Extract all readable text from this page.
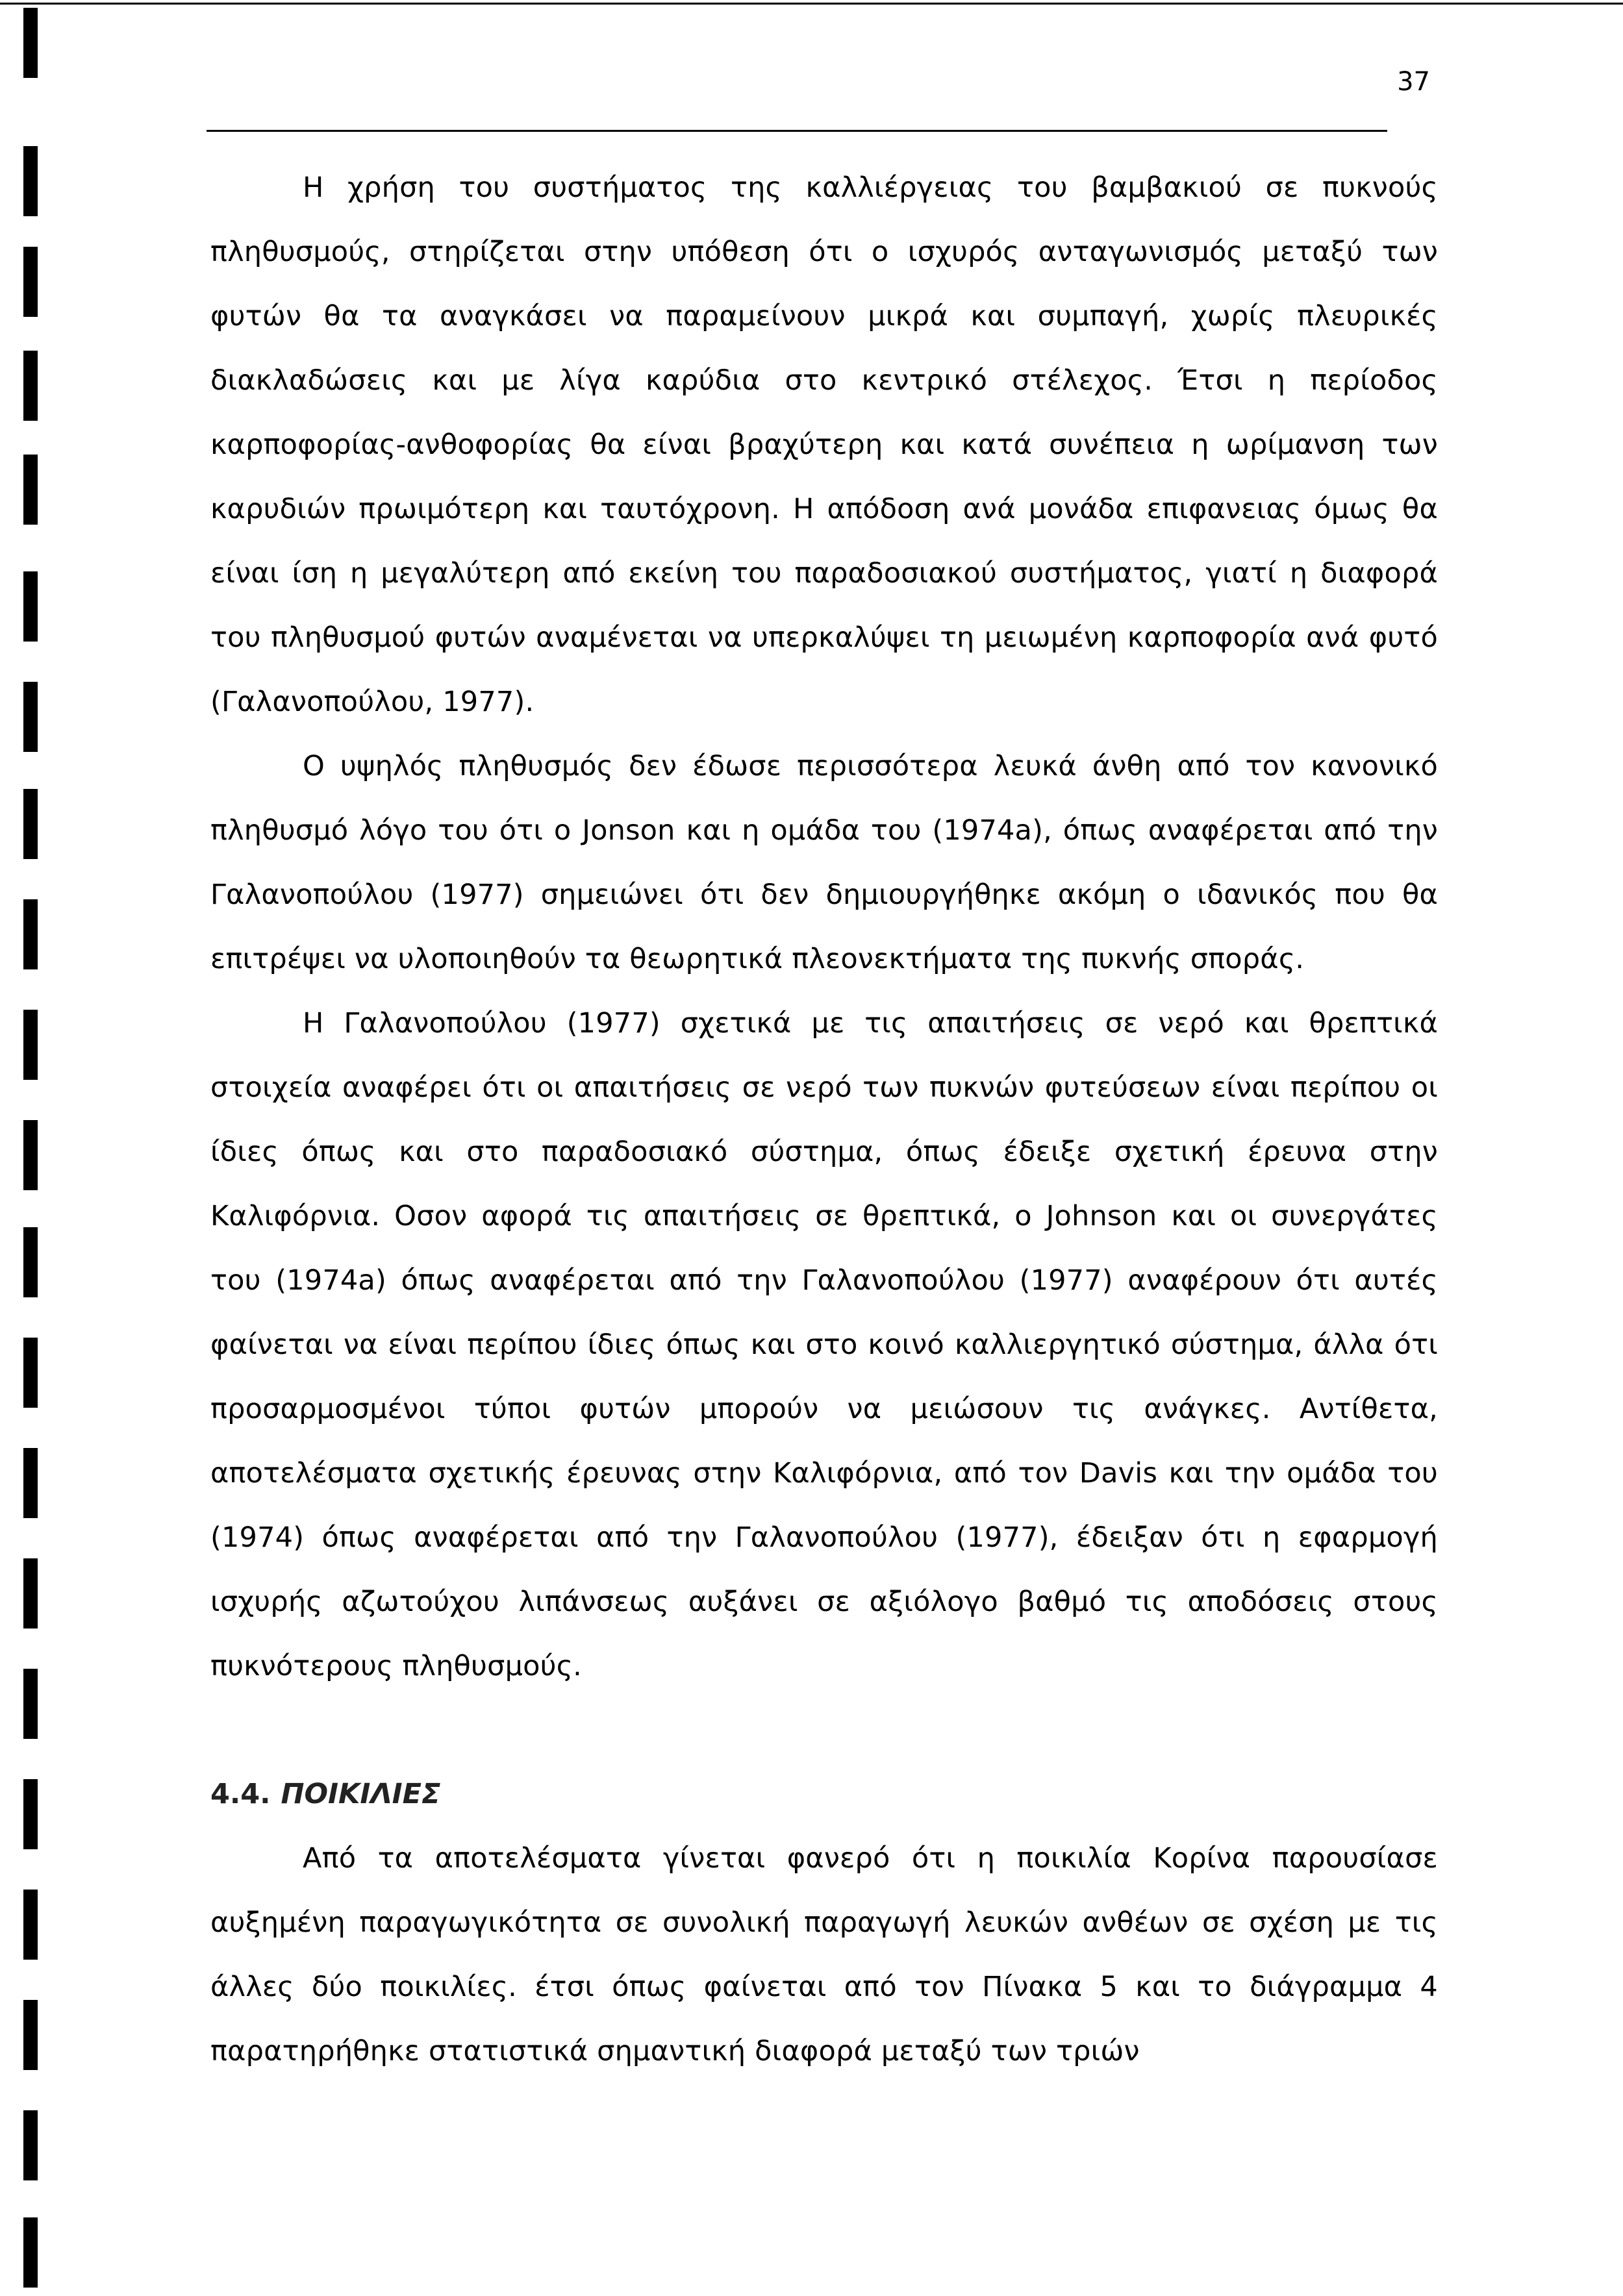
37

Η χρήση του συστήματος της καλλιέργειας του βαμβακιού σε πυκνούς πληθυσμούς, στηρίζεται στην υπόθεση ότι ο ισχυρός ανταγωνισμός μεταξύ των φυτών θα τα αναγκάσει να παραμείνουν μικρά και συμπαγή, χωρίς πλευρικές διακλαδώσεις και με λίγα καρύδια στο κεντρικό στέλεχος. Έτσι η περίοδος καρποφορίας-ανθοφορίας θα είναι βραχύτερη και κατά συνέπεια η ωρίμανση των καρυδιών πρωιμότερη και ταυτόχρονη. Η απόδοση ανά μονάδα επιφανειας όμως θα είναι ίση η μεγαλύτερη από εκείνη του παραδοσιακού συστήματος, γιατί η διαφορά του πληθυσμού φυτών αναμένεται να υπερκαλύψει τη μειωμένη καρποφορία ανά φυτό (Γαλανοπούλου, 1977).

Ο υψηλός πληθυσμός δεν έδωσε περισσότερα λευκά άνθη από τον κανονικό πληθυσμό λόγο του ότι ο Jonson και η ομάδα του (1974a), όπως αναφέρεται από την Γαλανοπούλου (1977) σημειώνει ότι δεν δημιουργήθηκε ακόμη ο ιδανικός που θα επιτρέψει να υλοποιηθούν τα θεωρητικά πλεονεκτήματα της πυκνής σποράς.

Η Γαλανοπούλου (1977) σχετικά με τις απαιτήσεις σε νερό και θρεπτικά στοιχεία αναφέρει ότι οι απαιτήσεις σε νερό των πυκνών φυτεύσεων είναι περίπου οι ίδιες όπως και στο παραδοσιακό σύστημα, όπως έδειξε σχετική έρευνα στην Καλιφόρνια. Οσον αφορά τις απαιτήσεις σε θρεπτικά, ο Johnson και οι συνεργάτες του (1974a) όπως αναφέρεται από την Γαλανοπούλου (1977) αναφέρουν ότι αυτές φαίνεται να είναι περίπου ίδιες όπως και στο κοινό καλλιεργητικό σύστημα, άλλα ότι προσαρμοσμένοι τύποι φυτών μπορούν να μειώσουν τις ανάγκες. Αντίθετα, αποτελέσματα σχετικής έρευνας στην Καλιφόρνια, από τον Davis και την ομάδα του (1974) όπως αναφέρεται από την Γαλανοπούλου (1977), έδειξαν ότι η εφαρμογή ισχυρής αζωτούχου λιπάνσεως αυξάνει σε αξιόλογο βαθμό τις αποδόσεις στους πυκνότερους πληθυσμούς.

4.4. ΠΟΙΚΙΛΙΕΣ

Από τα αποτελέσματα γίνεται φανερό ότι η ποικιλία Κορίνα παρουσίασε αυξημένη παραγωγικότητα σε συνολική παραγωγή λευκών ανθέων σε σχέση με τις άλλες δύο ποικιλίες. έτσι όπως φαίνεται από τον Πίνακα 5 και το διάγραμμα 4 παρατηρήθηκε στατιστικά σημαντική διαφορά μεταξύ των τριών
